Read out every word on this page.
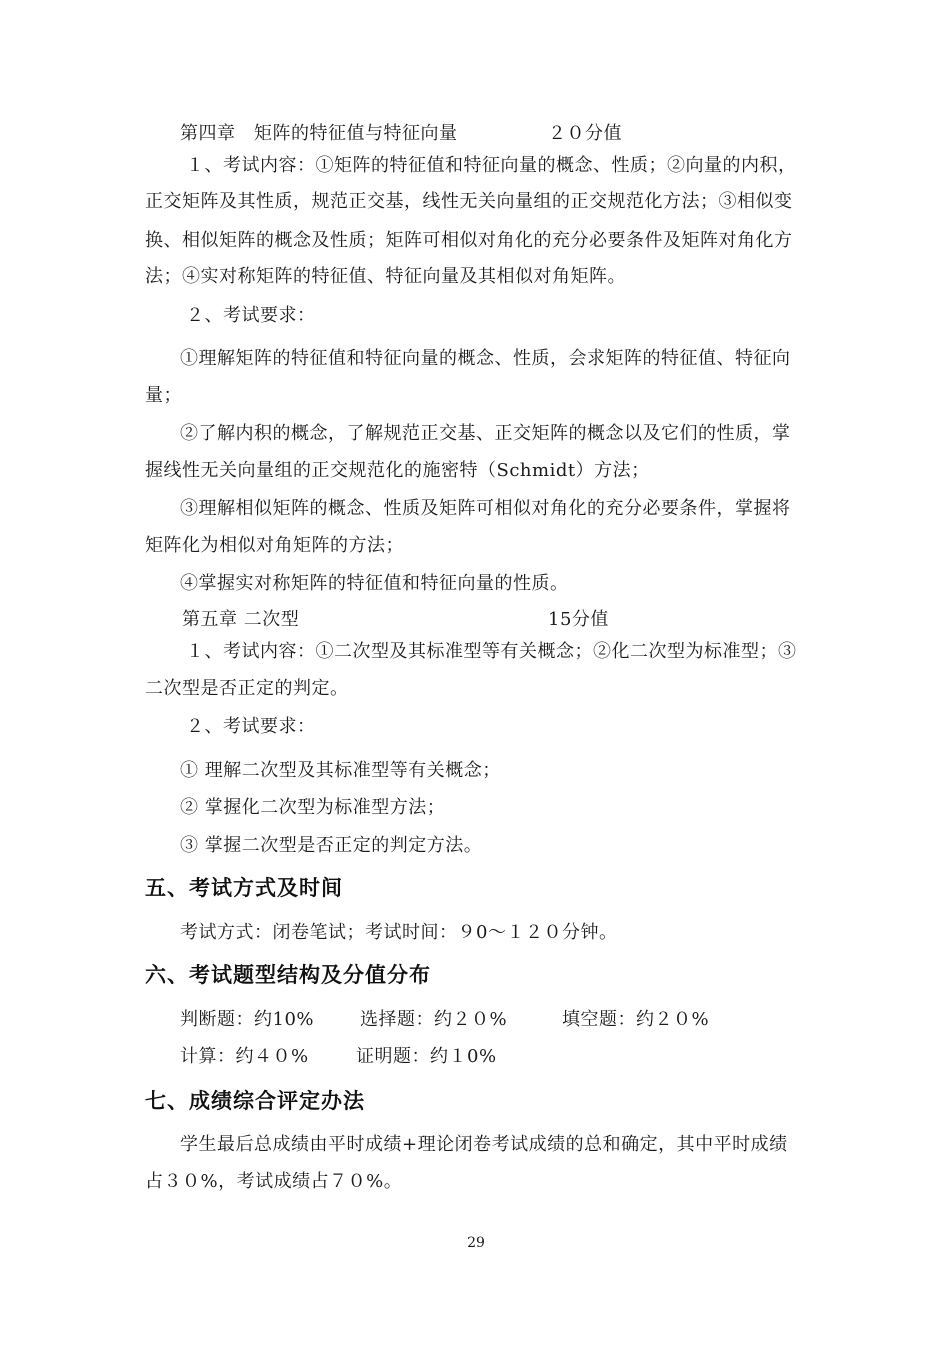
第四章　矩阵的特征值与特征向量	２０分值
１、考试内容：①矩阵的特征值和特征向量的概念、性质；②向量的内积，
正交矩阵及其性质，规范正交基，线性无关向量组的正交规范化方法；③相似变
换、相似矩阵的概念及性质；矩阵可相似对角化的充分必要条件及矩阵对角化方
法；④实对称矩阵的特征值、特征向量及其相似对角矩阵。
２、考试要求：
①理解矩阵的特征值和特征向量的概念、性质，会求矩阵的特征值、特征向
量；
②了解内积的概念，了解规范正交基、正交矩阵的概念以及它们的性质，掌
握线性无关向量组的正交规范化的施密特（Schmidt）方法；
③理解相似矩阵的概念、性质及矩阵可相似对角化的充分必要条件，掌握将
矩阵化为相似对角矩阵的方法；
④掌握实对称矩阵的特征值和特征向量的性质。
第五章 二次型	15分值
１、考试内容：①二次型及其标准型等有关概念；②化二次型为标准型；③
二次型是否正定的判定。
２、考试要求：
① 理解二次型及其标准型等有关概念；
② 掌握化二次型为标准型方法；
③ 掌握二次型是否正定的判定方法。
五、考试方式及时间
考试方式：闭卷笔试；考试时间：９0～１２０分钟。
六、考试题型结构及分值分布
判断题：约10%	选择题：约２０%	填空题：约２０%
计算：约４０%	证明题：约１0%
七、成绩综合评定办法
学生最后总成绩由平时成绩+理论闭卷考试成绩的总和确定，其中平时成绩
占３０%，考试成绩占７０%。
29
